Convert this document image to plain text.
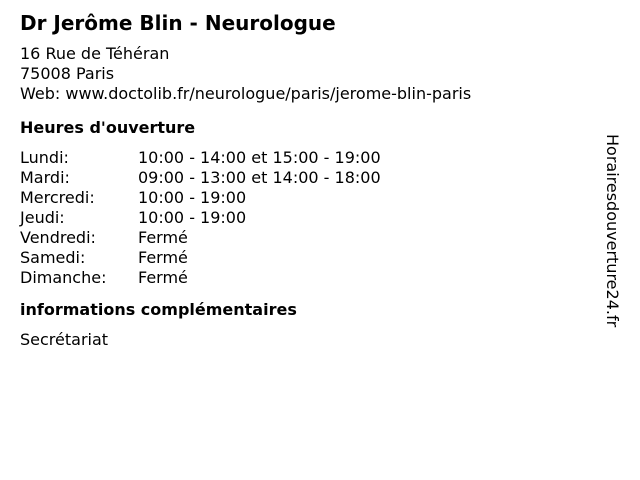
Dr Jerôme Blin - Neurologue
16 Rue de Téhéran
75008 Paris
Web: www.doctolib.fr/neurologue/paris/jerome-blin-paris
Heures d'ouverture
Lundi:	10:00 - 14:00 et 15:00 - 19:00
Mardi:	09:00 - 13:00 et 14:00 - 18:00
Mercredi:	10:00 - 19:00
Jeudi:	10:00 - 19:00
Vendredi:	Fermé
Samedi:	Fermé
Dimanche:	Fermé
informations complémentaires
Secrétariat
Horairesdouverture24.fr
